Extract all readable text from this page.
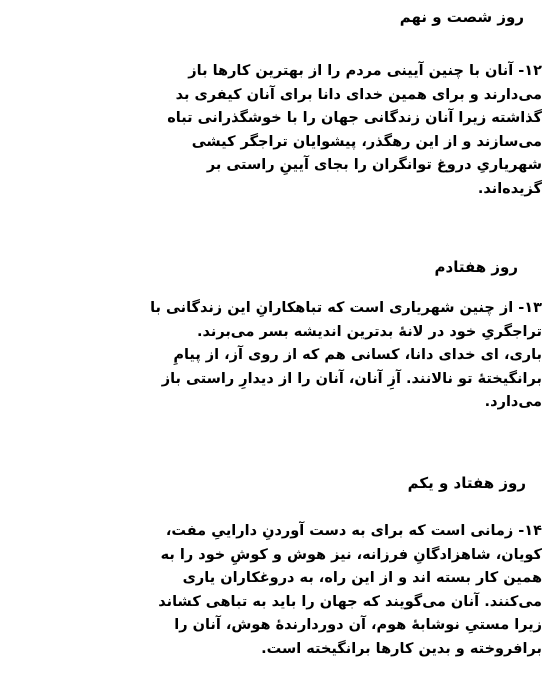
روز شصت و نهم
۱۲- آنان با چنین آیینی مردم را از بهترین کارها باز
می‌دارند و برای همین خدای دانا برای آنان کیفری بد
گذاشته زیرا آنان زندگانی جهان را با خوشگذرانی تباه
می‌سازند و از این رهگذر، پیشوایان تراجگر کیشی
شهریاریِ دروغ توانگران را بجای آیینِ راستی بر
گزیده‌اند.
روز هفتادم
۱۳- از چنین شهریاری است که تباهکارانِ این زندگانی با
تراجگریِ خود در لانهٔ بدترین اندیشه بسر می‌برند.
باری، ای خدای دانا، کسانی هم که از روی آز، از پیامِ
برانگیختهٔ تو نالانند. آزِ آنان، آنان را از دیدارِ راستی باز
می‌دارد.
روز هفتاد و یکم
۱۴- زمانی است که برای به دست آوردنِ داراییِ مفت،
کویان، شاهزادگانِ فرزانه، نیز هوش و کوشِ خود را به
همین کار بسته اند و از این راه، به دروغکاران یاری
می‌کنند. آنان می‌گویند که جهان را باید به تباهی کشاند
زیرا مستیِ نوشابهٔ هوم، آن دوردارندهٔ هوش، آنان را
برافروخته و بدین کارها برانگیخته است.
